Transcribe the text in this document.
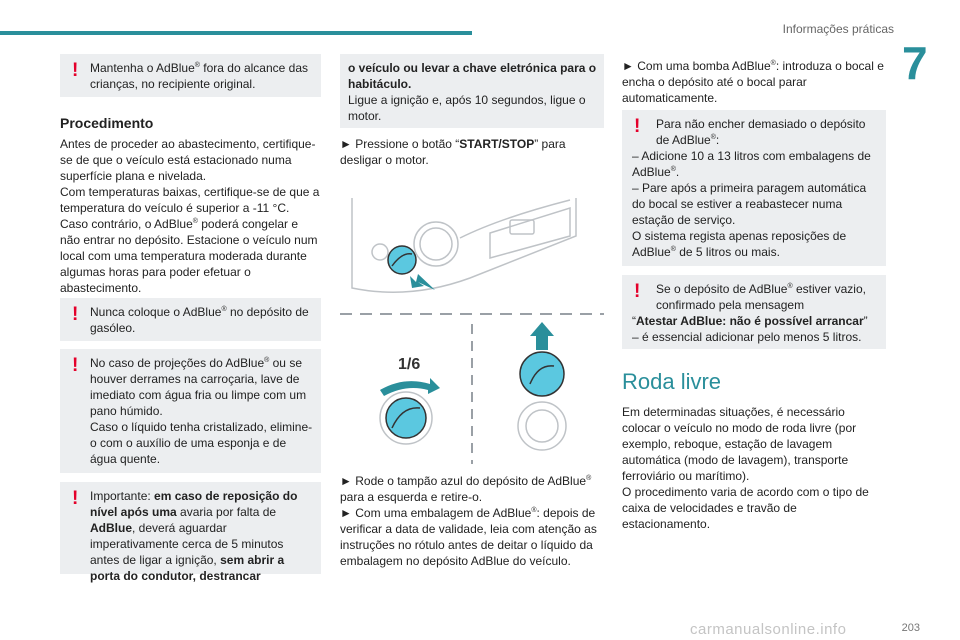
Informações práticas
7
! Mantenha o AdBlue® fora do alcance das crianças, no recipiente original.
Procedimento
Antes de proceder ao abastecimento, certifique-se de que o veículo está estacionado numa superfície plana e nivelada.
Com temperaturas baixas, certifique-se de que a temperatura do veículo é superior a -11 °C.
Caso contrário, o AdBlue® poderá congelar e não entrar no depósito. Estacione o veículo num local com uma temperatura moderada durante algumas horas para poder efetuar o abastecimento.
! Nunca coloque o AdBlue® no depósito de gasóleo.
! No caso de projeções do AdBlue® ou se houver derrames na carroçaria, lave de imediato com água fria ou limpe com um pano húmido.
Caso o líquido tenha cristalizado, elimine-o com o auxílio de uma esponja e de água quente.
! Importante: em caso de reposição do nível após uma avaria por falta de AdBlue, deverá aguardar imperativamente cerca de 5 minutos antes de ligar a ignição, sem abrir a porta do condutor, destrancar
o veículo ou levar a chave eletrónica para o habitáculo.
Ligue a ignição e, após 10 segundos, ligue o motor.
► Pressione o botão “START/STOP” para desligar o motor.
1/6
► Rode o tampão azul do depósito de AdBlue® para a esquerda e retire-o.
► Com uma embalagem de AdBlue®: depois de verificar a data de validade, leia com atenção as instruções no rótulo antes de deitar o líquido da embalagem no depósito AdBlue do veículo.
► Com uma bomba AdBlue®: introduza o bocal e encha o depósito até o bocal parar automaticamente.
!	Para não encher demasiado o depósito de AdBlue®:
– Adicione 10 a 13 litros com embalagens de AdBlue®.
– Pare após a primeira paragem automática do bocal se estiver a reabastecer numa estação de serviço.
O sistema regista apenas reposições de AdBlue® de 5 litros ou mais.
!	Se o depósito de AdBlue® estiver vazio, confirmado pela mensagem
“Atestar AdBlue: não é possível arrancar”
– é essencial adicionar pelo menos 5 litros.
Roda livre
Em determinadas situações, é necessário colocar o veículo no modo de roda livre (por exemplo, reboque, estação de lavagem automática (modo de lavagem), transporte ferroviário ou marítimo).
O procedimento varia de acordo com o tipo de caixa de velocidades e travão de estacionamento.
203
carmanualsonline.info
